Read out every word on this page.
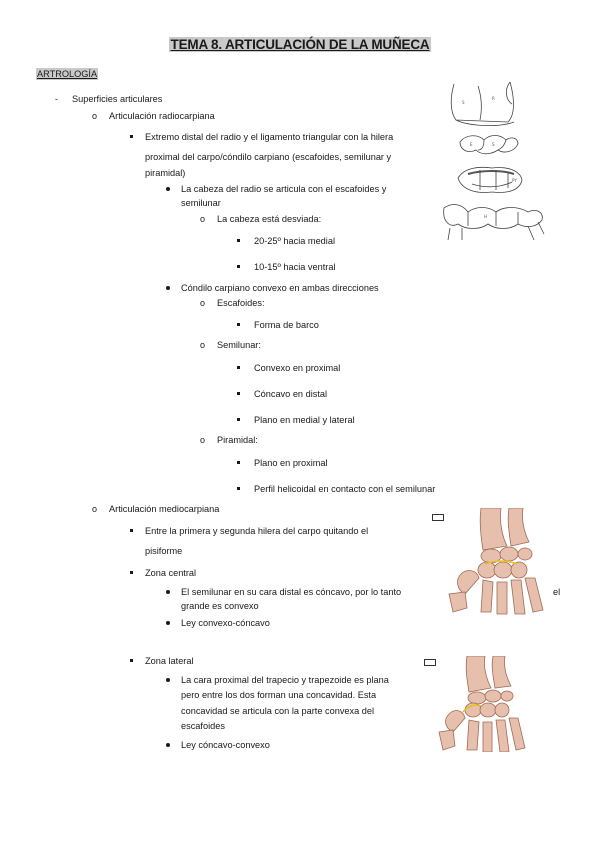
TEMA 8. ARTICULACIÓN DE LA MUÑECA
ARTROLOGÍA
- Superficies articulares
o Articulación radiocarpiana
Extremo distal del radio y el ligamento triangular con la hilera
proximal del carpo/cóndilo carpiano (escafoides, semilunar y
piramidal)
La cabeza del radio se articula con el escafoides y
semilunar
o La cabeza está desviada:
20-25º hacia medial
10-15º hacia ventral
Cóndilo carpiano convexo en ambas direcciones
o Escafoides:
Forma de barco
o Semilunar:
Convexo en proximal
Cóncavo en distal
Plano en medial y lateral
o Piramidal:
Plano en proximal
Perfil helicoidal en contacto con el semilunar
o Articulación mediocarpiana
Entre la primera y segunda hilera del carpo quitando el
pisiforme
Zona central
El semilunar en su cara distal es cóncavo, por lo tanto	el
grande es convexo
Ley convexo-cóncavo
Zona lateral
La cara proximal del trapecio y trapezoide es plana
pero entre los dos forman una concavidad. Esta
concavidad se articula con la parte convexa del
escafoides
Ley cóncavo-convexo
S
R
E	S
PY
H
